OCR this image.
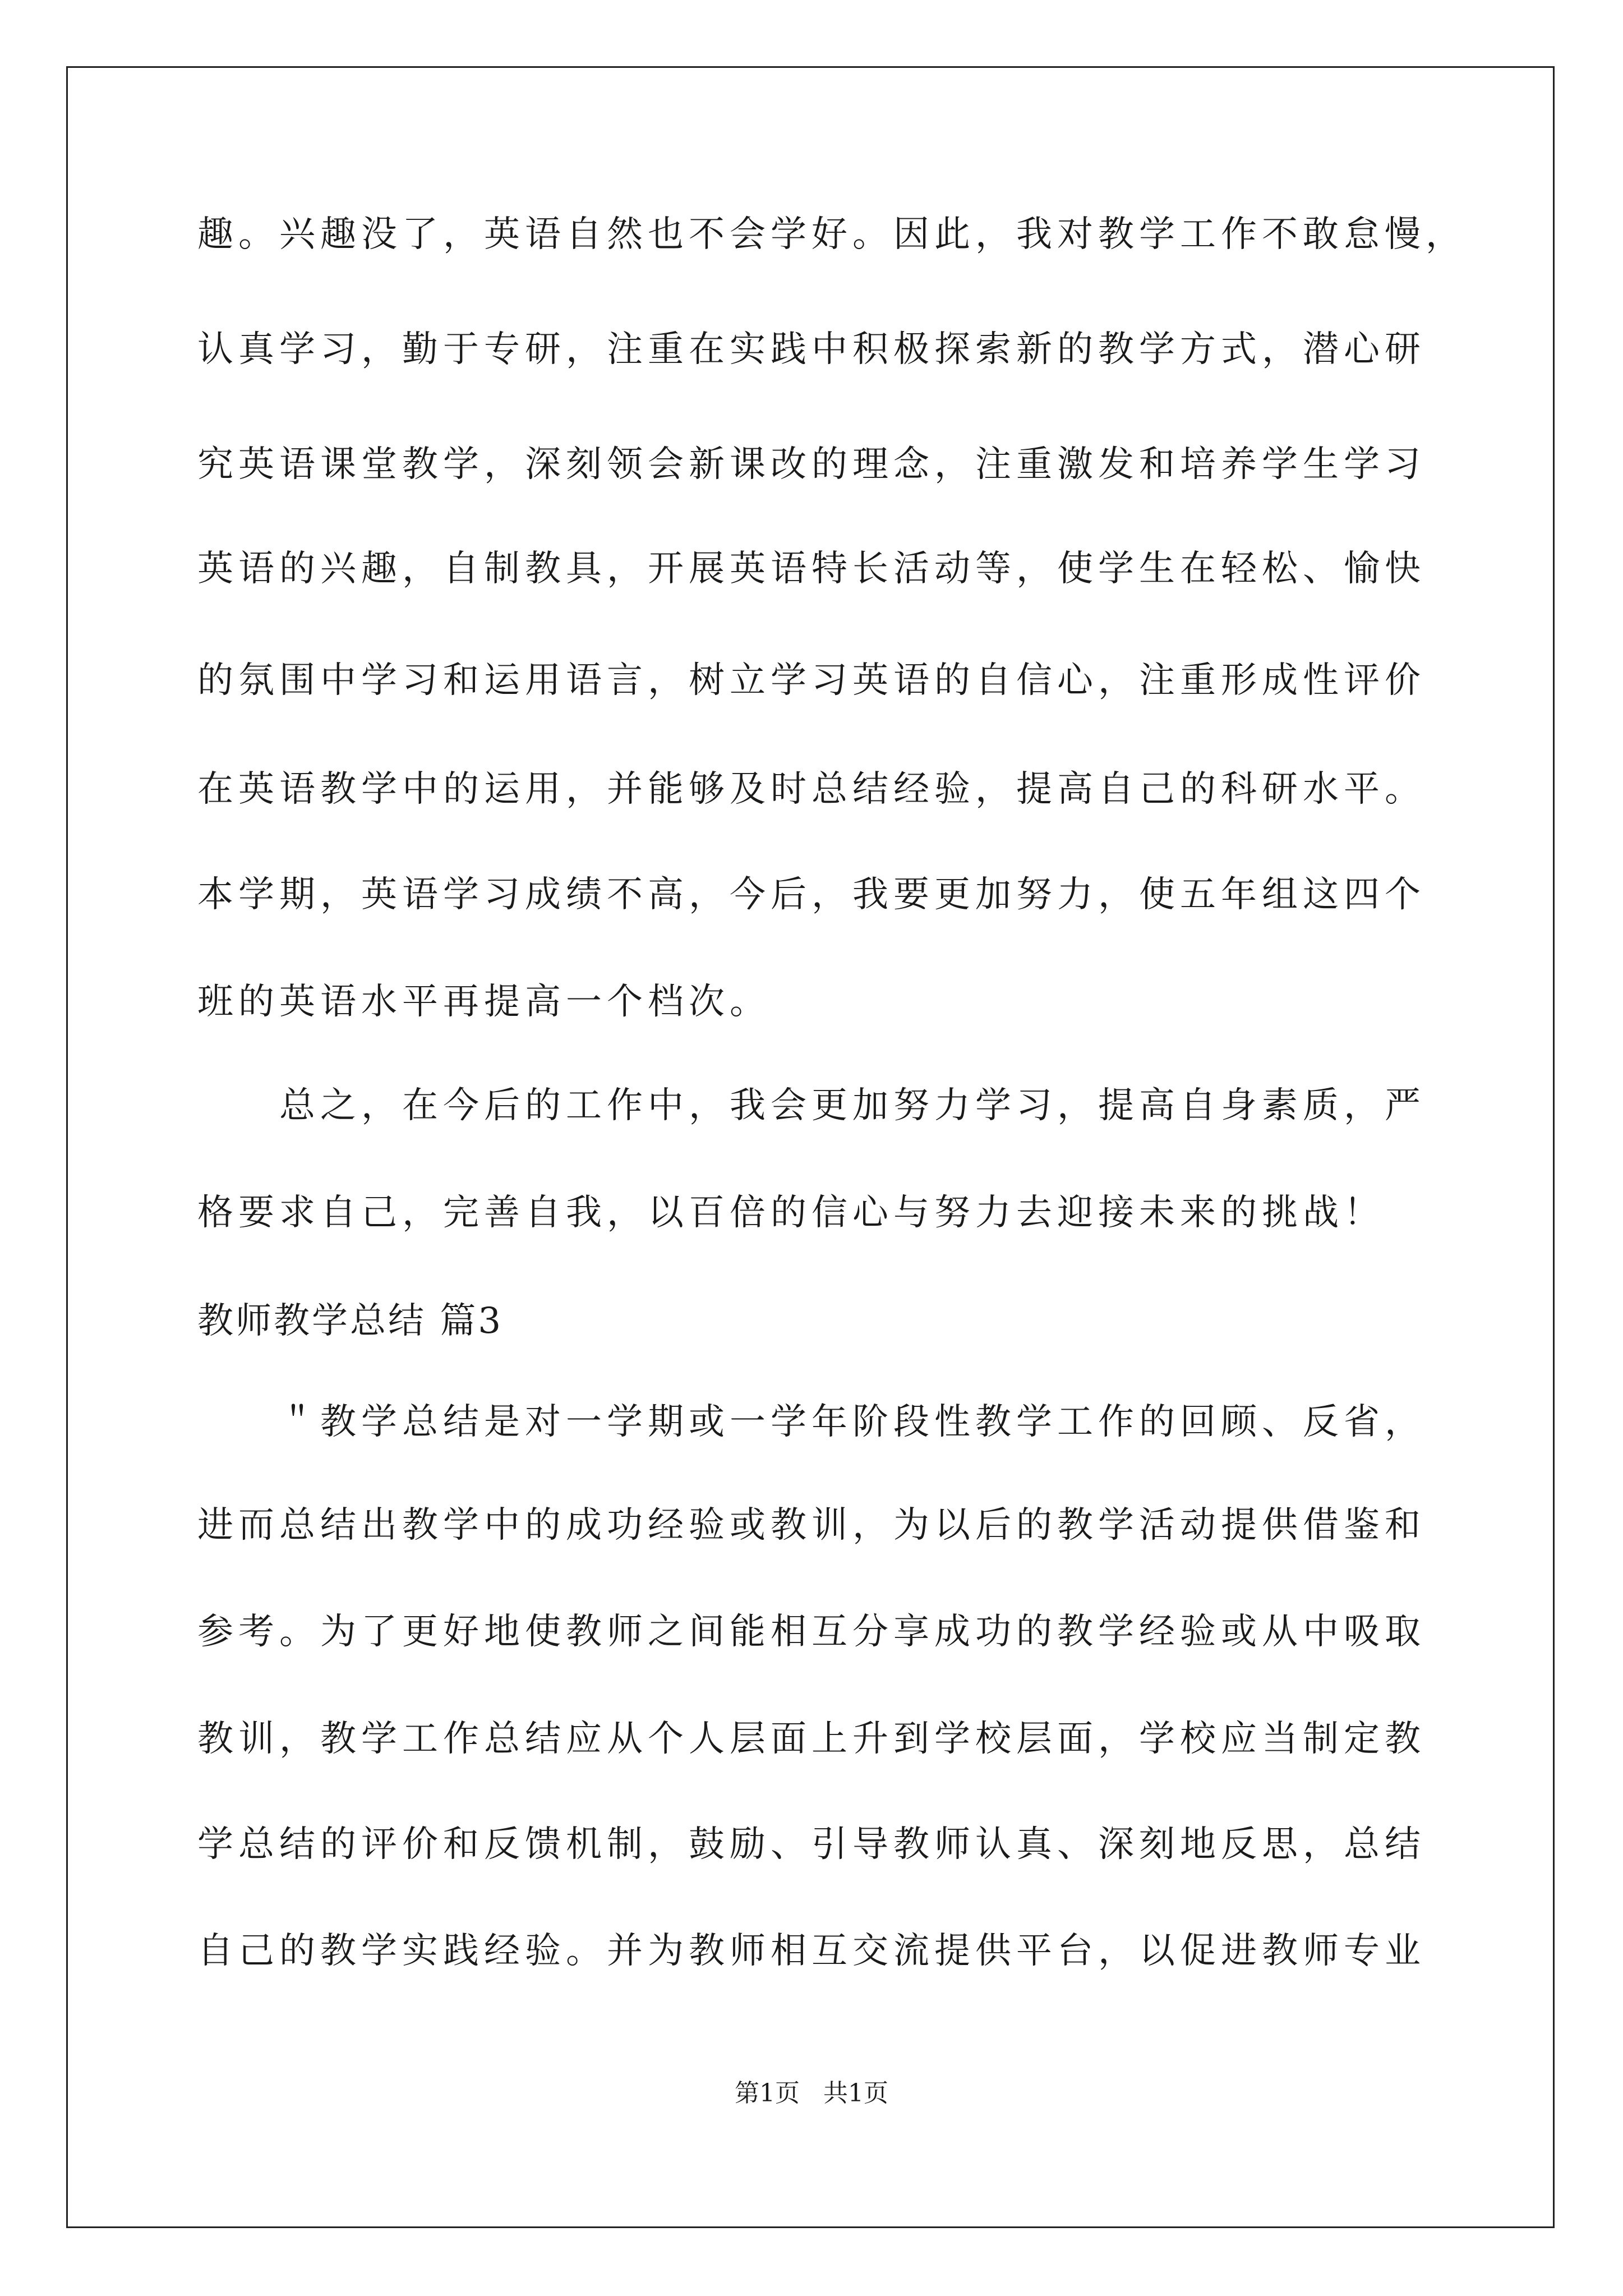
趣。兴趣没了，英语自然也不会学好。因此，我对教学工作不敢怠慢，
认真学习，勤于专研，注重在实践中积极探索新的教学方式，潜心研
究英语课堂教学，深刻领会新课改的理念，注重激发和培养学生学习
英语的兴趣，自制教具，开展英语特长活动等，使学生在轻松、愉快
的氛围中学习和运用语言，树立学习英语的自信心，注重形成性评价
在英语教学中的运用，并能够及时总结经验，提高自己的科研水平。
本学期，英语学习成绩不高，今后，我要更加努力，使五年组这四个
班的英语水平再提高一个档次。
总之，在今后的工作中，我会更加努力学习，提高自身素质，严
格要求自己，完善自我，以百倍的信心与努力去迎接未来的挑战！
教师教学总结 篇3
＂教学总结是对一学期或一学年阶段性教学工作的回顾、反省，
进而总结出教学中的成功经验或教训，为以后的教学活动提供借鉴和
参考。为了更好地使教师之间能相互分享成功的教学经验或从中吸取
教训，教学工作总结应从个人层面上升到学校层面，学校应当制定教
学总结的评价和反馈机制，鼓励、引导教师认真、深刻地反思，总结
自己的教学实践经验。并为教师相互交流提供平台，以促进教师专业
第1页   共1页
